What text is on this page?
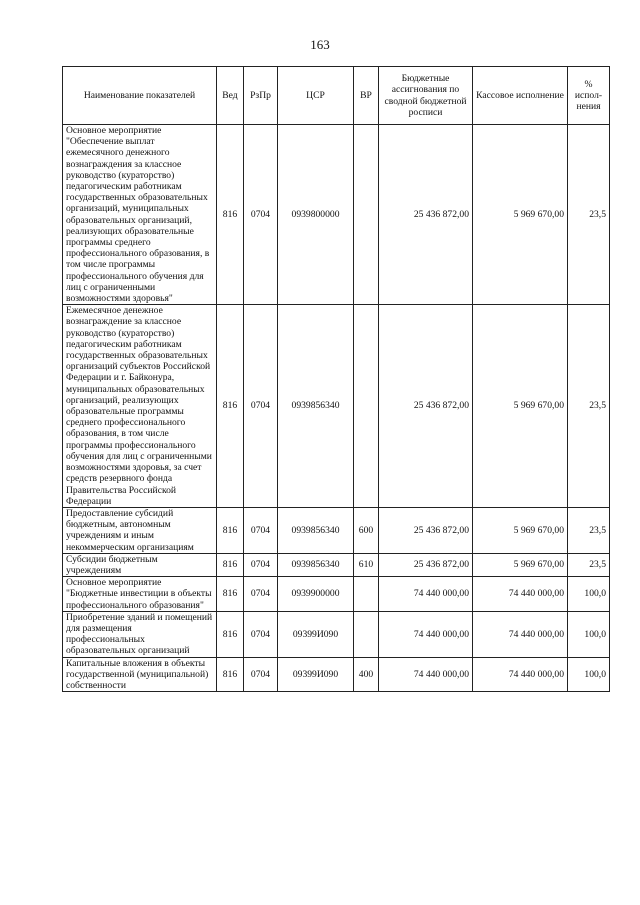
163
Наименование показателей	Вед	РзПр	ЦСР	ВР	Бюджетные ассигнования по сводной бюджетной росписи	Кассовое исполнение	% испол-нения
Основное мероприятие "Обеспечение выплат ежемесячного денежного вознаграждения за классное руководство (кураторство) педагогическим работникам государственных образовательных организаций, муниципальных образовательных организаций, реализующих образовательные программы среднего профессионального образования, в том числе программы профессионального обучения для лиц с ограниченными возможностями здоровья"	816	0704	0939800000		25 436 872,00	5 969 670,00	23,5
Ежемесячное денежное вознаграждение за классное руководство (кураторство) педагогическим работникам государственных образовательных организаций субъектов Российской Федерации и г. Байконура, муниципальных образовательных организаций, реализующих образовательные программы среднего профессионального образования, в том числе программы профессионального обучения для лиц с ограниченными возможностями здоровья, за счет средств резервного фонда Правительства Российской Федерации	816	0704	0939856340		25 436 872,00	5 969 670,00	23,5
Предоставление субсидий бюджетным, автономным учреждениям и иным некоммерческим организациям	816	0704	0939856340	600	25 436 872,00	5 969 670,00	23,5
Субсидии бюджетным учреждениям	816	0704	0939856340	610	25 436 872,00	5 969 670,00	23,5
Основное мероприятие "Бюджетные инвестиции в объекты профессионального образования"	816	0704	0939900000		74 440 000,00	74 440 000,00	100,0
Приобретение зданий и помещений для размещения профессиональных образовательных организаций	816	0704	09399И090		74 440 000,00	74 440 000,00	100,0
Капитальные вложения в объекты государственной (муниципальной) собственности	816	0704	09399И090	400	74 440 000,00	74 440 000,00	100,0
